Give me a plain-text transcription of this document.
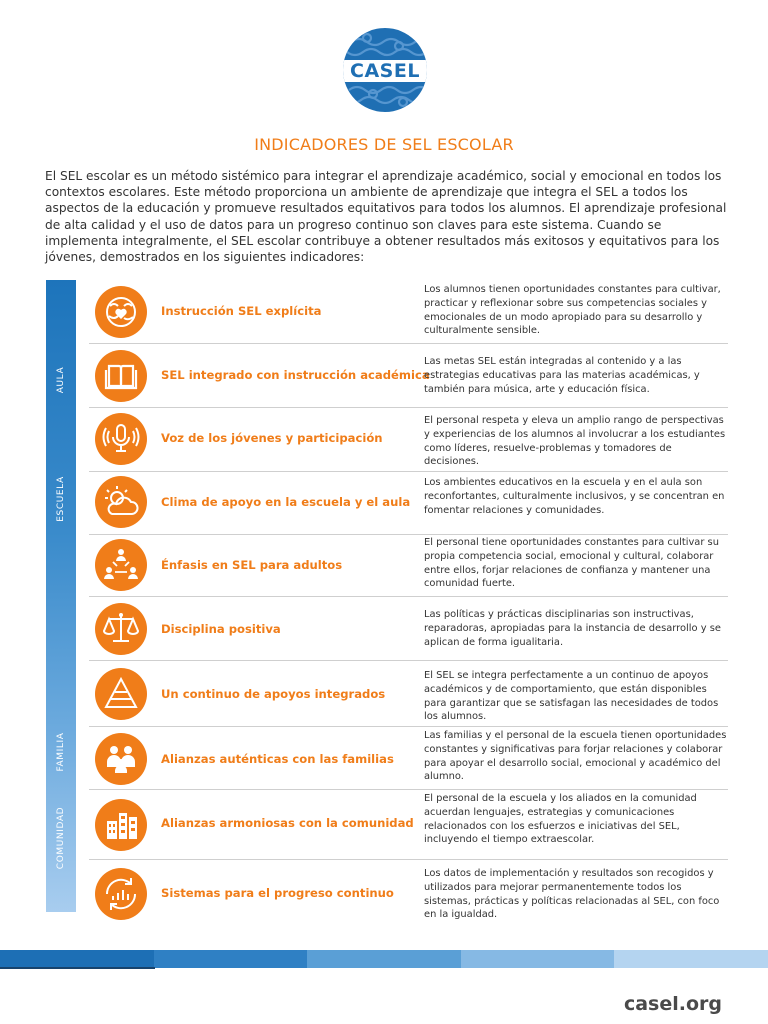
CASEL
INDICADORES DE SEL ESCOLAR
El SEL escolar es un método sistémico para integrar el aprendizaje académico, social y emocional en todos los contextos escolares. Este método proporciona un ambiente de aprendizaje que integra el SEL a todos los aspectos de la educación y promueve resultados equitativos para todos los alumnos. El aprendizaje profesional de alta calidad y el uso de datos para un progreso continuo son claves para este sistema. Cuando se implementa integralmente, el SEL escolar contribuye a obtener resultados más exitosos y equitativos para los jóvenes, demostrados en los siguientes indicadores:
AULA
ESCUELA
FAMILIA
COMUNIDAD
Instrucción SEL explícita
Los alumnos tienen oportunidades constantes para cultivar, practicar y reflexionar sobre sus competencias sociales y emocionales de un modo apropiado para su desarrollo y culturalmente sensible.
SEL integrado con instrucción académica
Las metas SEL están integradas al contenido y a las estrategias educativas para las materias académicas, y también para música, arte y educación física.
Voz de los jóvenes y participación
El personal respeta y eleva un amplio rango de perspectivas y experiencias de los alumnos al involucrar a los estudiantes como líderes, resuelve-problemas y tomadores de decisiones.
Clima de apoyo en la escuela y el aula
Los ambientes educativos en la escuela y en el aula son reconfortantes, culturalmente inclusivos, y se concentran en fomentar relaciones y comunidades.
Énfasis en SEL para adultos
El personal tiene oportunidades constantes para cultivar su propia competencia social, emocional y cultural, colaborar entre ellos, forjar relaciones de confianza y mantener una comunidad fuerte.
Disciplina positiva
Las políticas y prácticas disciplinarias son instructivas, reparadoras, apropiadas para la instancia de desarrollo y se aplican de forma igualitaria.
Un continuo de apoyos integrados
El SEL se integra perfectamente a un continuo de apoyos académicos y de comportamiento, que están disponibles para garantizar que se satisfagan las necesidades de todos los alumnos.
Alianzas auténticas con las familias
Las familias y el personal de la escuela tienen oportunidades constantes y significativas para forjar relaciones y colaborar para apoyar el desarrollo social, emocional y académico del alumno.
Alianzas armoniosas con la comunidad
El personal de la escuela y los aliados en la comunidad acuerdan lenguajes, estrategias y comunicaciones relacionados con los esfuerzos e iniciativas del SEL, incluyendo el tiempo extraescolar.
Sistemas para el progreso continuo
Los datos de implementación y resultados son recogidos y utilizados para mejorar permanentemente todos los sistemas, prácticas y políticas relacionadas al SEL, con foco en la igualdad.
casel.org
